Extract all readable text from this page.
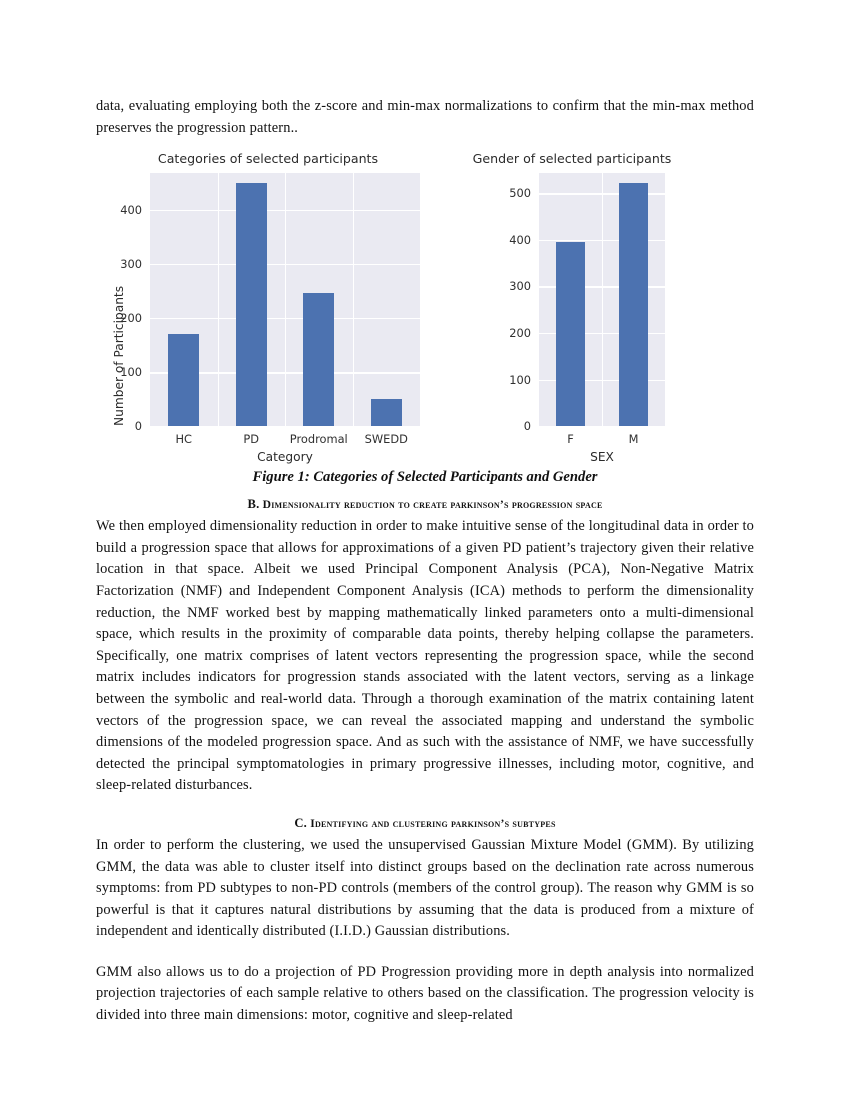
data, evaluating employing both the z-score and min-max normalizations to confirm that the min-max method preserves the progression pattern..

Categories of selected participants
0
100
200
300
400
HC	PD	Prodromal SWEDD
Category
Number of Participants
Gender of selected participants
0
100
200
300
400
500
F	M
SEX
Figure 1: Categories of Selected Participants and Gender
B. Dimensionality reduction to create parkinson’s progression space

We then employed dimensionality reduction in order to make intuitive sense of the longitudinal data in order to build a progression space that allows for approximations of a given PD patient’s trajectory given their relative location in that space. Albeit we used Principal Component Analysis (PCA), Non-Negative Matrix Factorization (NMF) and Independent Component Analysis (ICA) methods to perform the dimensionality reduction, the NMF worked best by mapping mathematically linked parameters onto a multi-dimensional space, which results in the proximity of comparable data points, thereby helping collapse the parameters. Specifically, one matrix comprises of latent vectors representing the progression space, while the second matrix includes indicators for progression stands associated with the latent vectors, serving as a linkage between the symbolic and real-world data. Through a thorough examination of the matrix containing latent vectors of the progression space, we can reveal the associated mapping and understand the symbolic dimensions of the modeled progression space. And as such with the assistance of NMF, we have successfully detected the principal symptomatologies in primary progressive illnesses, including motor, cognitive, and sleep-related disturbances.

C. Identifying and clustering parkinson’s subtypes

In order to perform the clustering, we used the unsupervised Gaussian Mixture Model (GMM). By utilizing GMM, the data was able to cluster itself into distinct groups based on the declination rate across numerous symptoms: from PD subtypes to non-PD controls (members of the control group). The reason why GMM is so powerful is that it captures natural distributions by assuming that the data is produced from a mixture of independent and identically distributed (I.I.D.) Gaussian distributions.

GMM also allows us to do a projection of PD Progression providing more in depth analysis into normalized projection trajectories of each sample relative to others based on the classification. The progression velocity is divided into three main dimensions: motor, cognitive and sleep-related
